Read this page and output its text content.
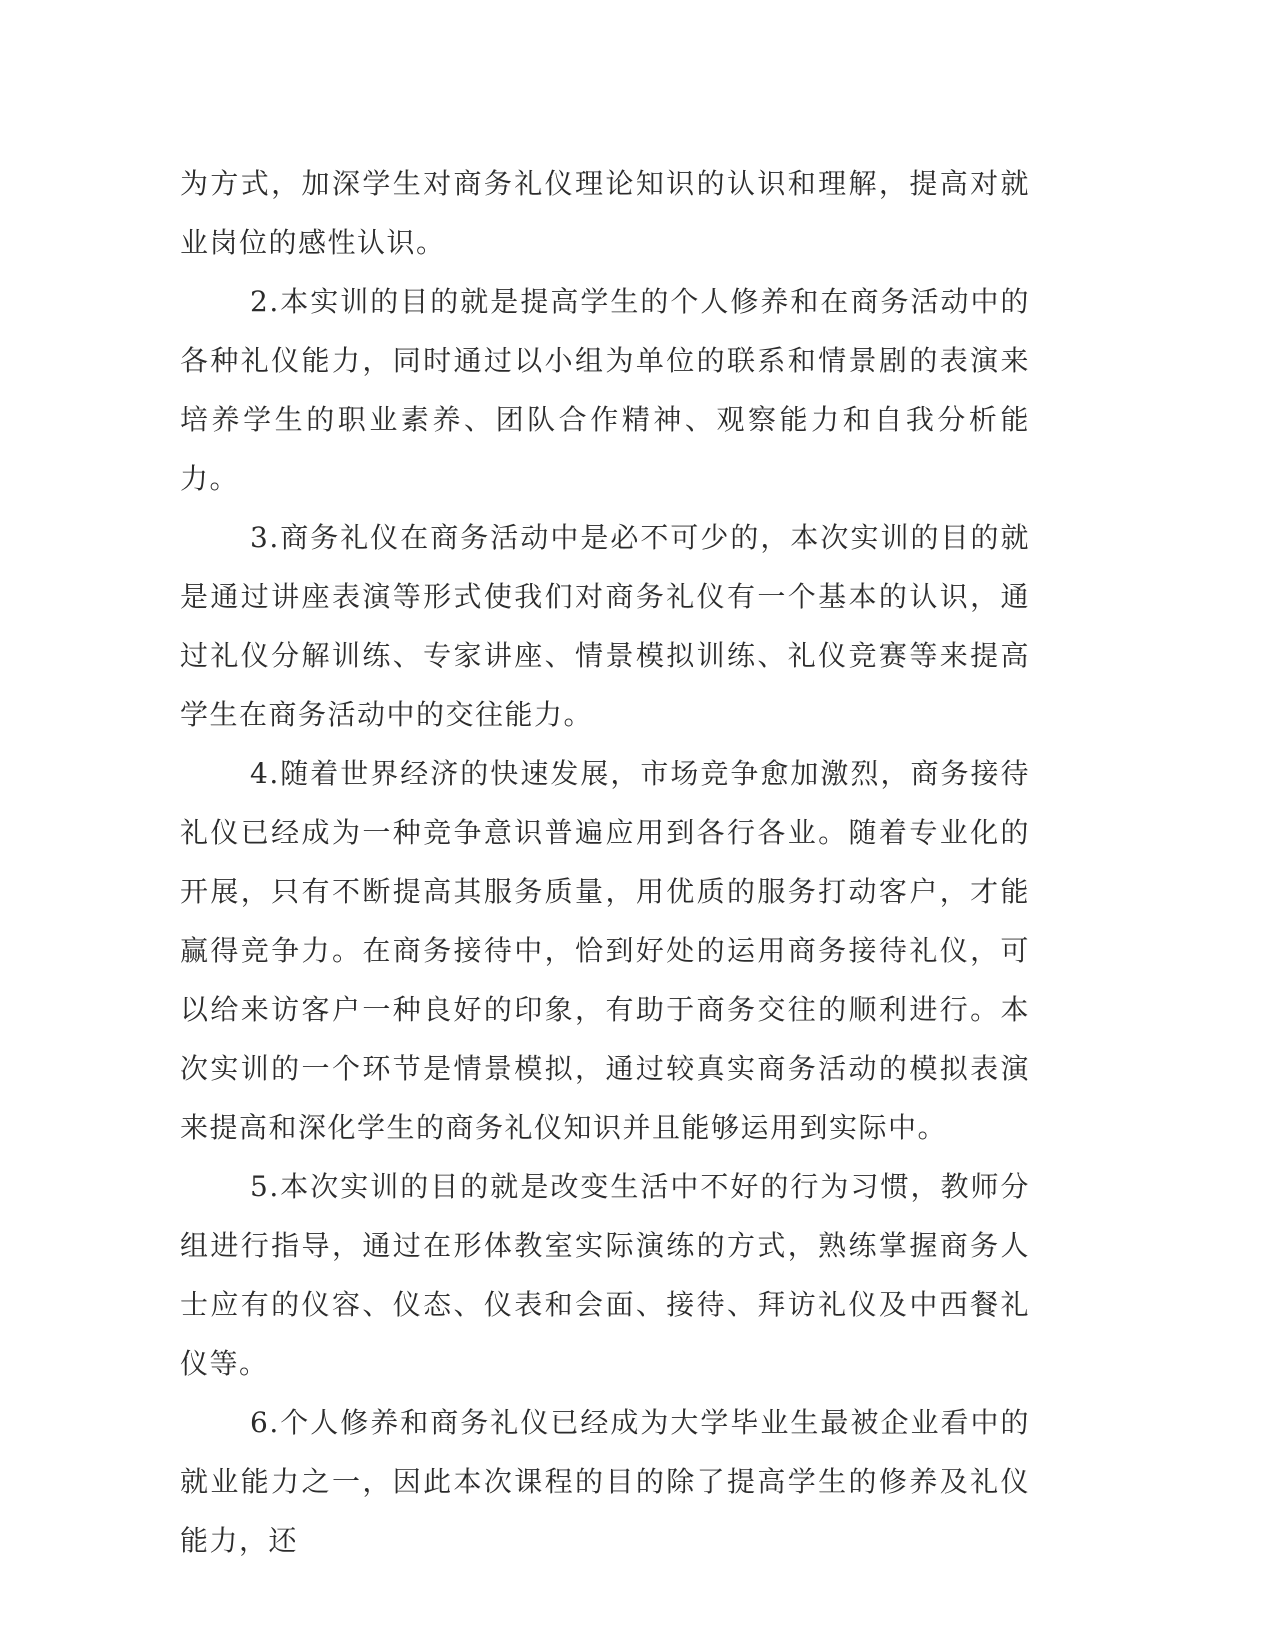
为方式，加深学生对商务礼仪理论知识的认识和理解，提高对就业岗位的感性认识。

2.本实训的目的就是提高学生的个人修养和在商务活动中的各种礼仪能力，同时通过以小组为单位的联系和情景剧的表演来培养学生的职业素养、团队合作精神、观察能力和自我分析能力。

3.商务礼仪在商务活动中是必不可少的，本次实训的目的就是通过讲座表演等形式使我们对商务礼仪有一个基本的认识，通过礼仪分解训练、专家讲座、情景模拟训练、礼仪竞赛等来提高学生在商务活动中的交往能力。

4.随着世界经济的快速发展，市场竞争愈加激烈，商务接待礼仪已经成为一种竞争意识普遍应用到各行各业。随着专业化的开展，只有不断提高其服务质量，用优质的服务打动客户，才能赢得竞争力。在商务接待中，恰到好处的运用商务接待礼仪，可以给来访客户一种良好的印象，有助于商务交往的顺利进行。本次实训的一个环节是情景模拟，通过较真实商务活动的模拟表演来提高和深化学生的商务礼仪知识并且能够运用到实际中。

5.本次实训的目的就是改变生活中不好的行为习惯，教师分组进行指导，通过在形体教室实际演练的方式，熟练掌握商务人士应有的仪容、仪态、仪表和会面、接待、拜访礼仪及中西餐礼仪等。

6.个人修养和商务礼仪已经成为大学毕业生最被企业看中的就业能力之一，因此本次课程的目的除了提高学生的修养及礼仪能力，还
